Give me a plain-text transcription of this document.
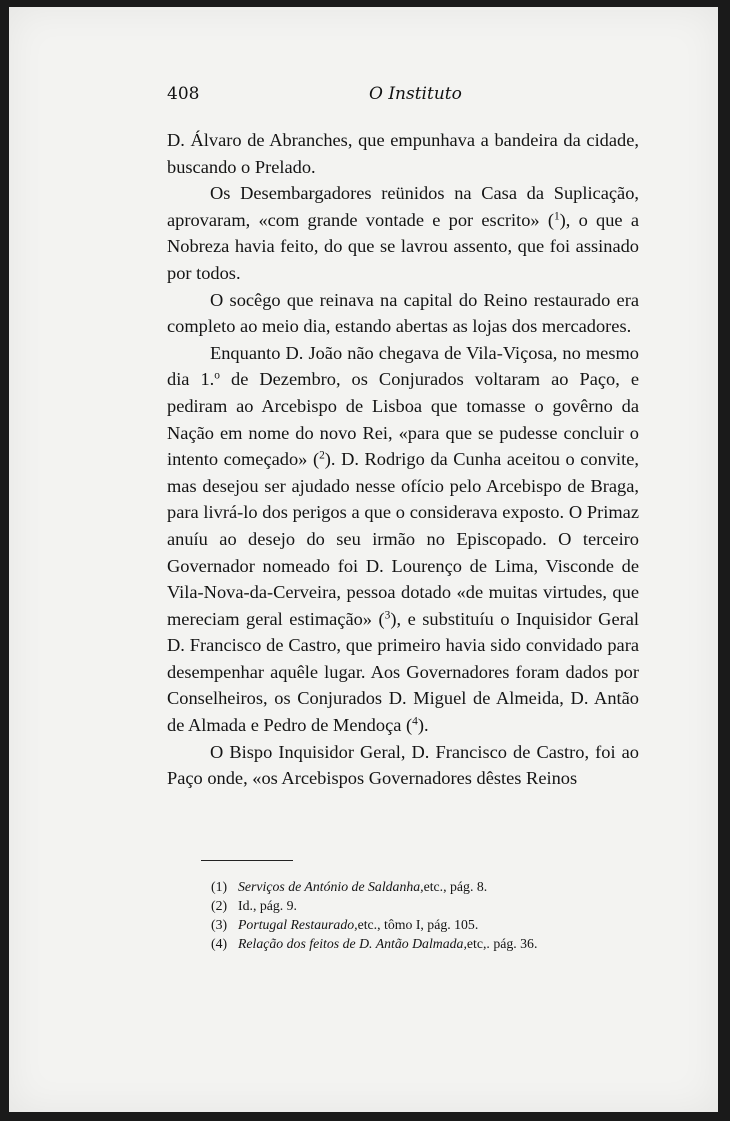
408	O Instituto

D. Álvaro de Abranches, que empunhava a bandeira da cidade, buscando o Prelado.

Os Desembargadores reünidos na Casa da Suplicação, aprovaram, «com grande vontade e por escrito» ($^1$), o que a Nobreza havia feito, do que se lavrou assento, que foi assinado por todos.

O socêgo que reinava na capital do Reino restaurado era completo ao meio dia, estando abertas as lojas dos mercadores.

Enquanto D. João não chegava de Vila-Viçosa, no mesmo dia 1.$^o$ de Dezembro, os Conjurados voltaram ao Paço, e pediram ao Arcebispo de Lisboa que tomasse o govêrno da Nação em nome do novo Rei, «para que se pudesse concluir o intento começado» ($^2$). D. Rodrigo da Cunha aceitou o convite, mas desejou ser ajudado nesse ofício pelo Arcebispo de Braga, para livrá-lo dos perigos a que o considerava exposto. O Primaz anuíu ao desejo do seu irmão no Episcopado. O terceiro Governador nomeado foi D. Lourenço de Lima, Visconde de Vila-Nova-da-Cerveira, pessoa dotado «de muitas virtudes, que mereciam geral estimação» ($^3$), e substituíu o Inquisidor Geral D. Francisco de Castro, que primeiro havia sido convidado para desempenhar aquêle lugar. Aos Governadores foram dados por Conselheiros, os Conjurados D. Miguel de Almeida, D. Antão de Almada e Pedro de Mendoça ($^4$).

O Bispo Inquisidor Geral, D. Francisco de Castro, foi ao Paço onde, «os Arcebispos Governadores dêstes Reinos

(1) Serviços de António de Saldanha, etc., pág. 8.
(2) Id., pág. 9.
(3) Portugal Restaurado, etc., tômo I, pág. 105.
(4) Relação dos feitos de D. Antão Dalmada, etc,. pág. 36.
